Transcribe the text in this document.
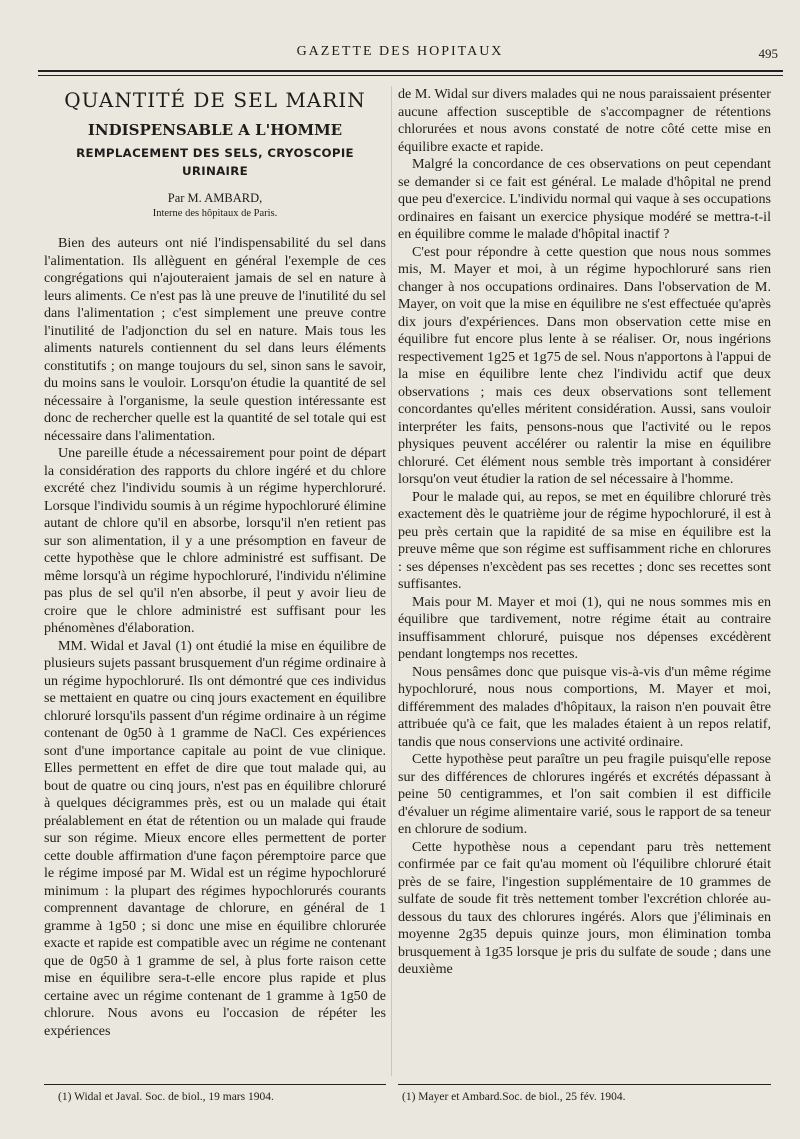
GAZETTE DES HOPITAUX	495
QUANTITÉ DE SEL MARIN
INDISPENSABLE A L'HOMME
REMPLACEMENT DES SELS, CRYOSCOPIE URINAIRE
Par M. AMBARD,
Interne des hôpitaux de Paris.

Bien des auteurs ont nié l'indispensabilité du sel dans l'alimentation. Ils allèguent en général l'exemple de ces congrégations qui n'ajouteraient jamais de sel en nature à leurs aliments. Ce n'est pas là une preuve de l'inutilité du sel dans l'alimentation ; c'est simplement une preuve contre l'inutilité de l'adjonction du sel en nature. Mais tous les aliments naturels contiennent du sel dans leurs éléments constitutifs ; on mange toujours du sel, sinon sans le savoir, du moins sans le vouloir. Lorsqu'on étudie la quantité de sel nécessaire à l'organisme, la seule question intéressante est donc de rechercher quelle est la quantité de sel totale qui est nécessaire dans l'alimentation.

Une pareille étude a nécessairement pour point de départ la considération des rapports du chlore ingéré et du chlore excrété chez l'individu soumis à un régime hyperchloruré. Lorsque l'individu soumis à un régime hypochloruré élimine autant de chlore qu'il en absorbe, lorsqu'il n'en retient pas sur son alimentation, il y a une présomption en faveur de cette hypothèse que le chlore administré est suffisant. De même lorsqu'à un régime hypochloruré, l'individu n'élimine pas plus de sel qu'il n'en absorbe, il peut y avoir lieu de croire que le chlore administré est suffisant pour les phénomènes d'élaboration.

MM. Widal et Javal (1) ont étudié la mise en équilibre de plusieurs sujets passant brusquement d'un régime ordinaire à un régime hypochloruré. Ils ont démontré que ces individus se mettaient en quatre ou cinq jours exactement en équilibre chloruré lorsqu'ils passent d'un régime ordinaire à un régime contenant de 0g50 à 1 gramme de NaCl. Ces expériences sont d'une importance capitale au point de vue clinique. Elles permettent en effet de dire que tout malade qui, au bout de quatre ou cinq jours, n'est pas en équilibre chloruré à quelques décigrammes près, est ou un malade qui était préalablement en état de rétention ou un malade qui fraude sur son régime. Mieux encore elles permettent de porter cette double affirmation d'une façon péremptoire parce que le régime imposé par M. Widal est un régime hypochloruré minimum : la plupart des régimes hypochlorurés courants comprennent davantage de chlorure, en général de 1 gramme à 1g50 ; si donc une mise en équilibre chlorurée exacte et rapide est compatible avec un régime ne contenant que de 0g50 à 1 gramme de sel, à plus forte raison cette mise en équilibre sera-t-elle encore plus rapide et plus certaine avec un régime contenant de 1 gramme à 1g50 de chlorure. Nous avons eu l'occasion de répéter les expériences

de M. Widal sur divers malades qui ne nous paraissaient présenter aucune affection susceptible de s'accompagner de rétentions chlorurées et nous avons constaté de notre côté cette mise en équilibre exacte et rapide.

Malgré la concordance de ces observations on peut cependant se demander si ce fait est général. Le malade d'hôpital ne prend que peu d'exercice. L'individu normal qui vaque à ses occupations ordinaires en faisant un exercice physique modéré se mettra-t-il en équilibre comme le malade d'hôpital inactif ?

C'est pour répondre à cette question que nous nous sommes mis, M. Mayer et moi, à un régime hypochloruré sans rien changer à nos occupations ordinaires. Dans l'observation de M. Mayer, on voit que la mise en équilibre ne s'est effectuée qu'après dix jours d'expériences. Dans mon observation cette mise en équilibre fut encore plus lente à se réaliser. Or, nous ingérions respectivement 1g25 et 1g75 de sel. Nous n'apportons à l'appui de la mise en équilibre lente chez l'individu actif que deux observations ; mais ces deux observations sont tellement concordantes qu'elles méritent considération. Aussi, sans vouloir interpréter les faits, pensons-nous que l'activité ou le repos physiques peuvent accélérer ou ralentir la mise en équilibre chloruré. Cet élément nous semble très important à considérer lorsqu'on veut étudier la ration de sel nécessaire à l'homme.

Pour le malade qui, au repos, se met en équilibre chloruré très exactement dès le quatrième jour de régime hypochloruré, il est à peu près certain que la rapidité de sa mise en équilibre est la preuve même que son régime est suffisamment riche en chlorures : ses dépenses n'excèdent pas ses recettes ; donc ses recettes sont suffisantes.

Mais pour M. Mayer et moi (1), qui ne nous sommes mis en équilibre que tardivement, notre régime était au contraire insuffisamment chloruré, puisque nos dépenses excédèrent pendant longtemps nos recettes.

Nous pensâmes donc que puisque vis-à-vis d'un même régime hypochloruré, nous nous comportions, M. Mayer et moi, différemment des malades d'hôpitaux, la raison n'en pouvait être attribuée qu'à ce fait, que les malades étaient à un repos relatif, tandis que nous conservions une activité ordinaire.

Cette hypothèse peut paraître un peu fragile puisqu'elle repose sur des différences de chlorures ingérés et excrétés dépassant à peine 50 centigrammes, et l'on sait combien il est difficile d'évaluer un régime alimentaire varié, sous le rapport de sa teneur en chlorure de sodium.

Cette hypothèse nous a cependant paru très nettement confirmée par ce fait qu'au moment où l'équilibre chloruré était près de se faire, l'ingestion supplémentaire de 10 grammes de sulfate de soude fit très nettement tomber l'excrétion chlorée au-dessous du taux des chlorures ingérés. Alors que j'éliminais en moyenne 2g35 depuis quinze jours, mon élimination tomba brusquement à 1g35 lorsque je pris du sulfate de soude ; dans une deuxième

(1) Widal et Javal. Soc. de biol., 19 mars 1904.	(1) Mayer et Ambard.Soc. de biol., 25 fév. 1904.
